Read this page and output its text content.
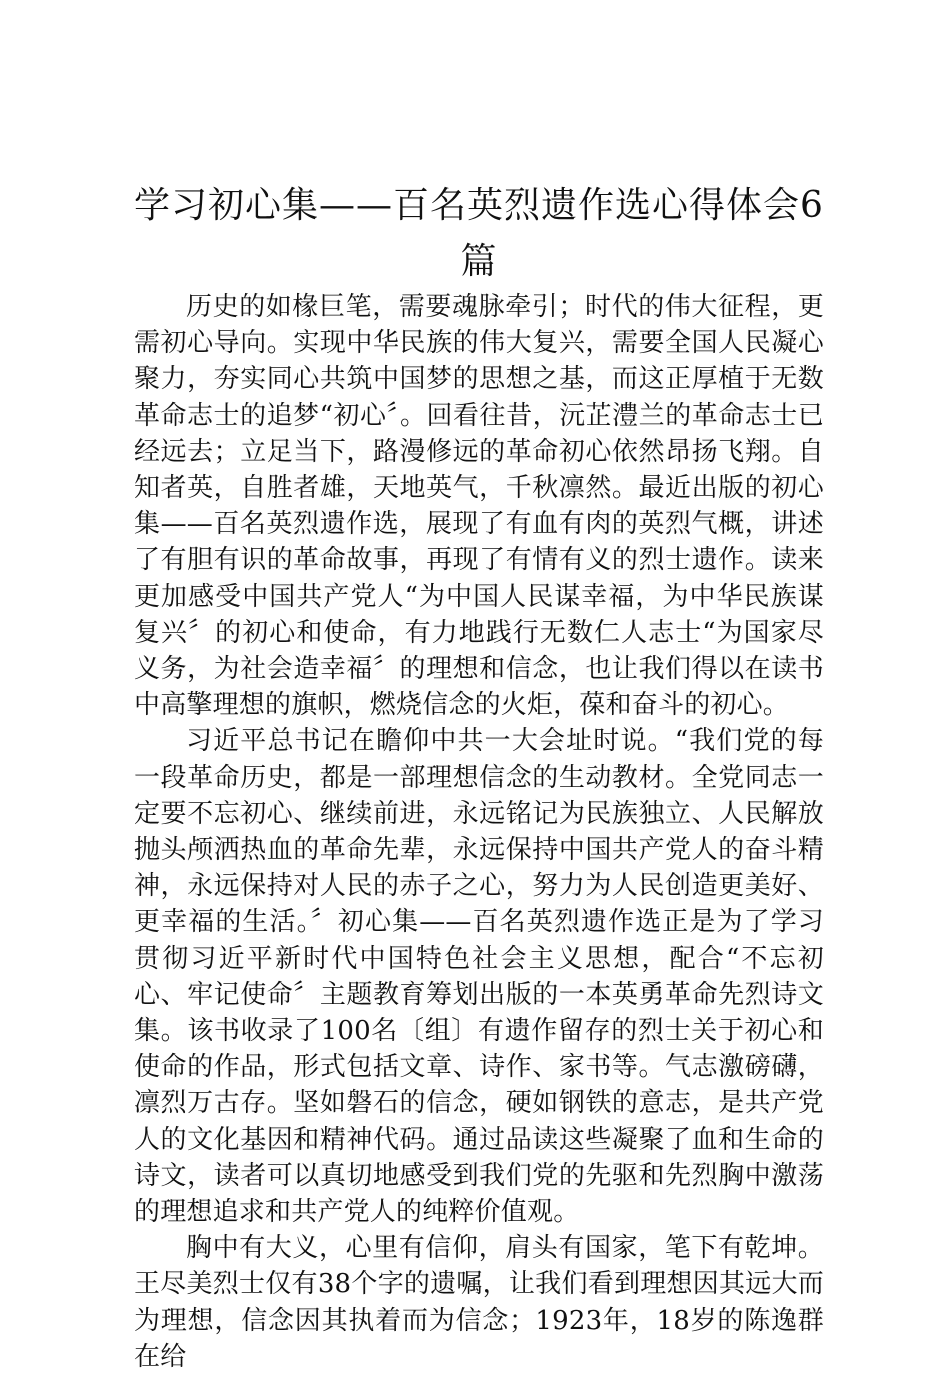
学习初心集——百名英烈遗作选心得体会6篇

历史的如椽巨笔，需要魂脉牵引；时代的伟大征程，更需初心导向。实现中华民族的伟大复兴，需要全国人民凝心聚力，夯实同心共筑中国梦的思想之基，而这正厚植于无数革命志士的追梦“初心〞。回看往昔，沅芷澧兰的革命志士已经远去；立足当下，路漫修远的革命初心依然昂扬飞翔。自知者英，自胜者雄，天地英气，千秋凛然。最近出版的初心集——百名英烈遗作选，展现了有血有肉的英烈气概，讲述了有胆有识的革命故事，再现了有情有义的烈士遗作。读来更加感受中国共产党人“为中国人民谋幸福，为中华民族谋复兴〞的初心和使命，有力地践行无数仁人志士“为国家尽义务，为社会造幸福〞的理想和信念，也让我们得以在读书中高擎理想的旗帜，燃烧信念的火炬，葆和奋斗的初心。

习近平总书记在瞻仰中共一大会址时说。“我们党的每一段革命历史，都是一部理想信念的生动教材。全党同志一定要不忘初心、继续前进，永远铭记为民族独立、人民解放抛头颅洒热血的革命先辈，永远保持中国共产党人的奋斗精神，永远保持对人民的赤子之心，努力为人民创造更美好、更幸福的生活。〞初心集——百名英烈遗作选正是为了学习贯彻习近平新时代中国特色社会主义思想，配合“不忘初心、牢记使命〞主题教育筹划出版的一本英勇革命先烈诗文集。该书收录了100名〔组〕有遗作留存的烈士关于初心和使命的作品，形式包括文章、诗作、家书等。气志激磅礴，凛烈万古存。坚如磐石的信念，硬如钢铁的意志，是共产党人的文化基因和精神代码。通过品读这些凝聚了血和生命的诗文，读者可以真切地感受到我们党的先驱和先烈胸中激荡的理想追求和共产党人的纯粹价值观。

胸中有大义，心里有信仰，肩头有国家，笔下有乾坤。王尽美烈士仅有38个字的遗嘱，让我们看到理想因其远大而为理想，信念因其执着而为信念；1923年，18岁的陈逸群在给
